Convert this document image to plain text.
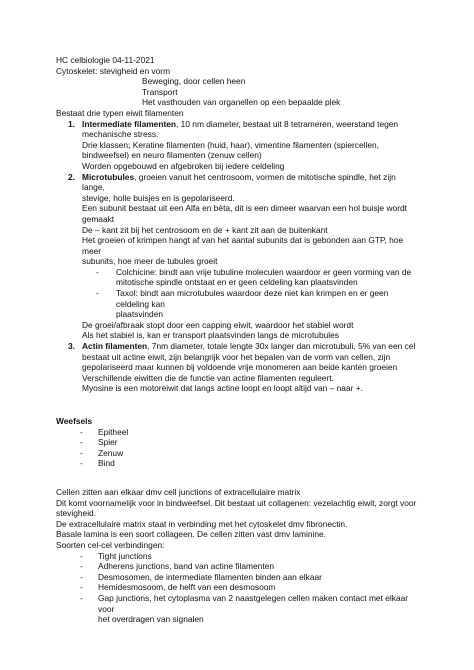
HC celbiologie 04-11-2021

Cytoskelet: stevigheid en vorm

Beweging, door cellen heen

Transport

Het vasthouden van organellen op een bepaalde plek

Bestaat drie typen eiwit filamenten

1. Intermediate filamenten, 10 nm diameter, bestaat uit 8 tetrameren, weerstand tegen

mechanische stress.

Drie klassen; Keratine filamenten (huid, haar), vimentine filamenten (spiercellen,

bindweefsel) en neuro filamenten (zenuw cellen)

Worden opgebouwd en afgebroken bij iedere celdeling

2. Microtubules, groeien vanuit het centrosoom, vormen de mitotische spindle, het zijn lange,

stevige, holle buisjes en is gepolariseerd.

Een subunit bestaat uit een Alfa en bèta, dit is een dimeer waarvan een hol buisje wordt

gemaakt

De – kant zit bij het centrosoom en de + kant zit aan de buitenkant

Het groeien of krimpen hangt af van het aantal subunits dat is gebonden aan GTP, hoe meer

subunits, hoe meer de tubules groeit

- Colchicine: bindt aan vrije tubuline moleculen waardoor er geen vorming van de

mitotische spindle ontstaat en er geen celdeling kan plaatsvinden

- Taxol: bindt aan microtubules waardoor deze niet kan krimpen en er geen celdeling kan

plaatsvinden

De groei/afbraak stopt door een capping eiwit, waardoor het stabiel wordt

Als het stabiel is, kan er transport plaatsvinden langs de microtubules

3. Actin filamenten, 7nm diameter, totale lengte 30x langer dan microtubuli, 5% van een cel

bestaat uit actine eiwit, zijn belangrijk voor het bepalen van de vorm van cellen, zijn

gepolariseerd maar kunnen bij voldoende vrije monomeren aan beide kanten groeien

Verschillende eiwitten die de functie van actine filamenten reguleert.

Myosine is een motoreiwit dat langs actine loopt en loopt altijd van – naar +.

Weefsels

- Epitheel

- Spier

- Zenuw

- Bind

Cellen zitten aan elkaar dmv cell junctions of extracellulaire matrix

Dit komt voornamelijk voor in bindweefsel. Dit bestaat uit collagenen: vezelachtig eiwit, zorgt voor

stevigheid.

De extracellulaire matrix staat in verbinding met het cytoskelet dmv fibronectin.

Basale lamina is een soort collageen. De cellen zitten vast dmv laminine.

Soorten cel-cel verbindingen:

- Tight junctions

- Adherens junctions, band van actine filamenten

- Desmosomen, de intermediate filamenten binden aan elkaar

- Hemidesmosoom, de helft van een desmosoom

- Gap junctions, het cytoplasma van 2 naastgelegen cellen maken contact met elkaar voor

het overdragen van signalen
